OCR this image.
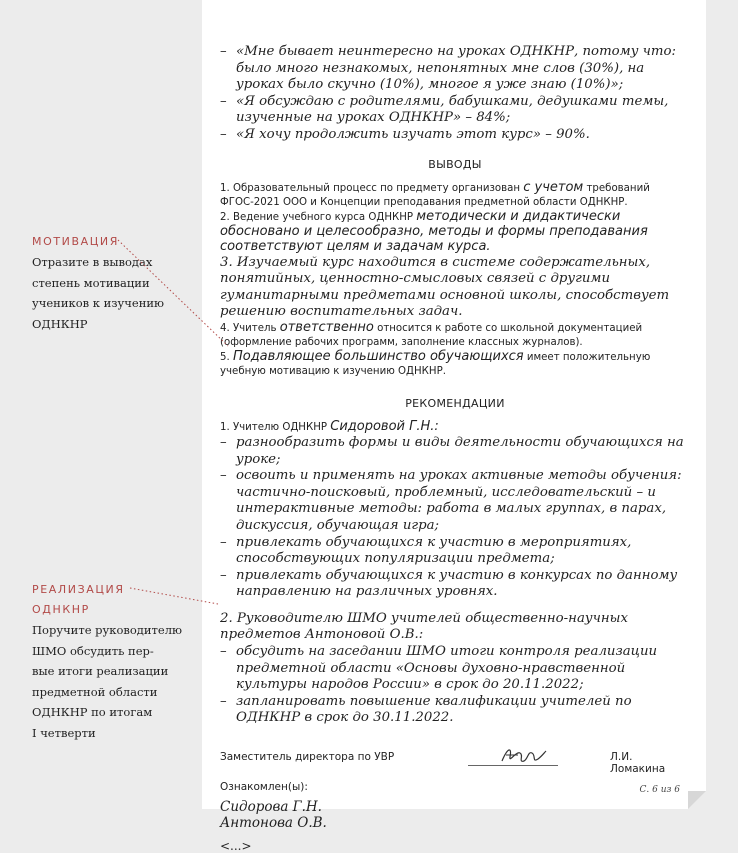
МОТИВАЦИЯ
Отразите в выводах
степень мотивации
учеников к изучению
ОДНКНР
РЕАЛИЗАЦИЯ
ОДНКНР
Поручите руководителю
ШМО обсудить пер-
вые итоги реализации
предметной области
ОДНКНР по итогам
I четверти

– «Мне бывает неинтересно на уроках ОДНКНР, потому что: было много незнакомых, непонятных мне слов (30%), на уроках было скучно (10%), многое я уже знаю (10%)»;

– «Я обсуждаю с родителями, бабушками, дедушками темы, изученные на уроках ОДНКНР» – 84%;

– «Я хочу продолжить изучать этот курс» – 90%.

ВЫВОДЫ

1. Образовательный процесс по предмету организован с учетом требований ФГОС-2021 ООО и Концепции преподавания предметной области ОДНКНР.

2. Ведение учебного курса ОДНКНР методически и дидактически обосновано и целесообразно, методы и формы преподавания соответствуют целям и задачам курса.

3. Изучаемый курс находится в системе содержательных, понятийных, ценностно-смысловых связей с другими гуманитарными предметами основной школы, способствует решению воспитательных задач.

4. Учитель ответственно относится к работе со школьной документацией (оформление рабочих программ, заполнение классных журналов).

5. Подавляющее большинство обучающихся имеет положительную учебную мотивацию к изучению ОДНКНР.

РЕКОМЕНДАЦИИ

1. Учителю ОДНКНР Сидоровой Г.Н.:

– разнообразить формы и виды деятельности обучающихся на уроке;

– освоить и применять на уроках активные методы обучения: частично-поисковый, проблемный, исследовательский – и интерактивные методы: работа в малых группах, в парах, дискуссия, обучающая игра;

– привлекать обучающихся к участию в мероприятиях, способствующих популяризации предмета;

– привлекать обучающихся к участию в конкурсах по данному направлению на различных уровнях.

2. Руководителю ШМО учителей общественно-научных предметов Антоновой О.В.:

– обсудить на заседании ШМО итоги контроля реализации предметной области «Основы духовно-нравственной культуры народов России» в срок до 20.11.2022;

– запланировать повышение квалификации учителей по ОДНКНР в срок до 30.11.2022.

Заместитель директора по УВР	Л.И. Ломакина
Ознакомлен(ы):
Сидорова Г.Н.
Антонова О.В.
<...>
С. 6 из 6
